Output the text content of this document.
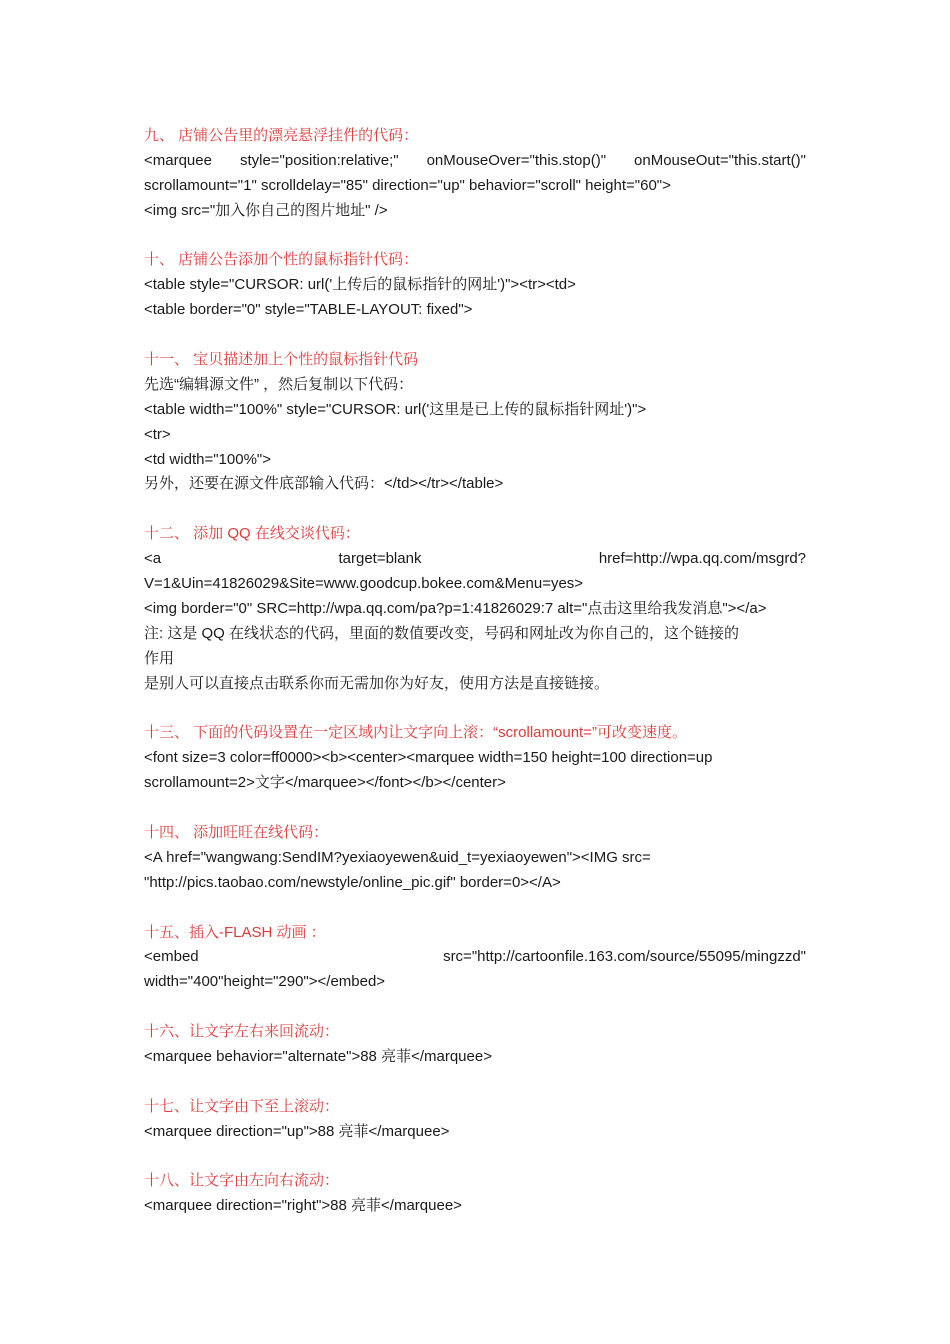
九、 店铺公告里的漂亮悬浮挂件的代码：
<marquee style="position:relative;" onMouseOver="this.stop()" onMouseOut="this.start()"
scrollamount="1" scrolldelay="85" direction="up" behavior="scroll" height="60">
<img src="加入你自己的图片地址" />
十、 店铺公告添加个性的鼠标指针代码：
<table style="CURSOR: url('上传后的鼠标指针的网址')"><tr><td>
<table border="0" style="TABLE-LAYOUT: fixed">
十一、 宝贝描述加上个性的鼠标指针代码
先选“编辑源文件” ，然后复制以下代码：
<table width="100%" style="CURSOR: url('这里是已上传的鼠标指针网址')">
<tr>
<td width="100%">
另外，还要在源文件底部输入代码：</td></tr></table>
十二、 添加 QQ 在线交谈代码：
<a	target=blank	href=http://wpa.qq.com/msgrd?
V=1&Uin=41826029&Site=www.goodcup.bokee.com&Menu=yes>
<img border="0" SRC=http://wpa.qq.com/pa?p=1:41826029:7 alt="点击这里给我发消息"></a>
注: 这是 QQ 在线状态的代码，里面的数值要改变，号码和网址改为你自己的，这个链接的
作用
是别人可以直接点击联系你而无需加你为好友，使用方法是直接链接。
十三、 下面的代码设置在一定区域内让文字向上滚：“scrollamount=”可改变速度。
<font size=3 color=ff0000><b><center><marquee width=150 height=100 direction=up
scrollamount=2>文字</marquee></font></b></center>
十四、 添加旺旺在线代码：
<A href="wangwang:SendIM?yexiaoyewen&uid_t=yexiaoyewen"><IMG src=
"http://pics.taobao.com/newstyle/online_pic.gif" border=0></A>
十五、插入-FLASH 动画 ：
<embed	src="http://cartoonfile.163.com/source/55095/mingzzd"
width="400"height="290"></embed>
十六、让文字左右来回流动：
<marquee behavior="alternate">88 亮菲</marquee>
十七、让文字由下至上滚动：
<marquee direction="up">88 亮菲</marquee>
十八、让文字由左向右流动：
<marquee direction="right">88 亮菲</marquee>
